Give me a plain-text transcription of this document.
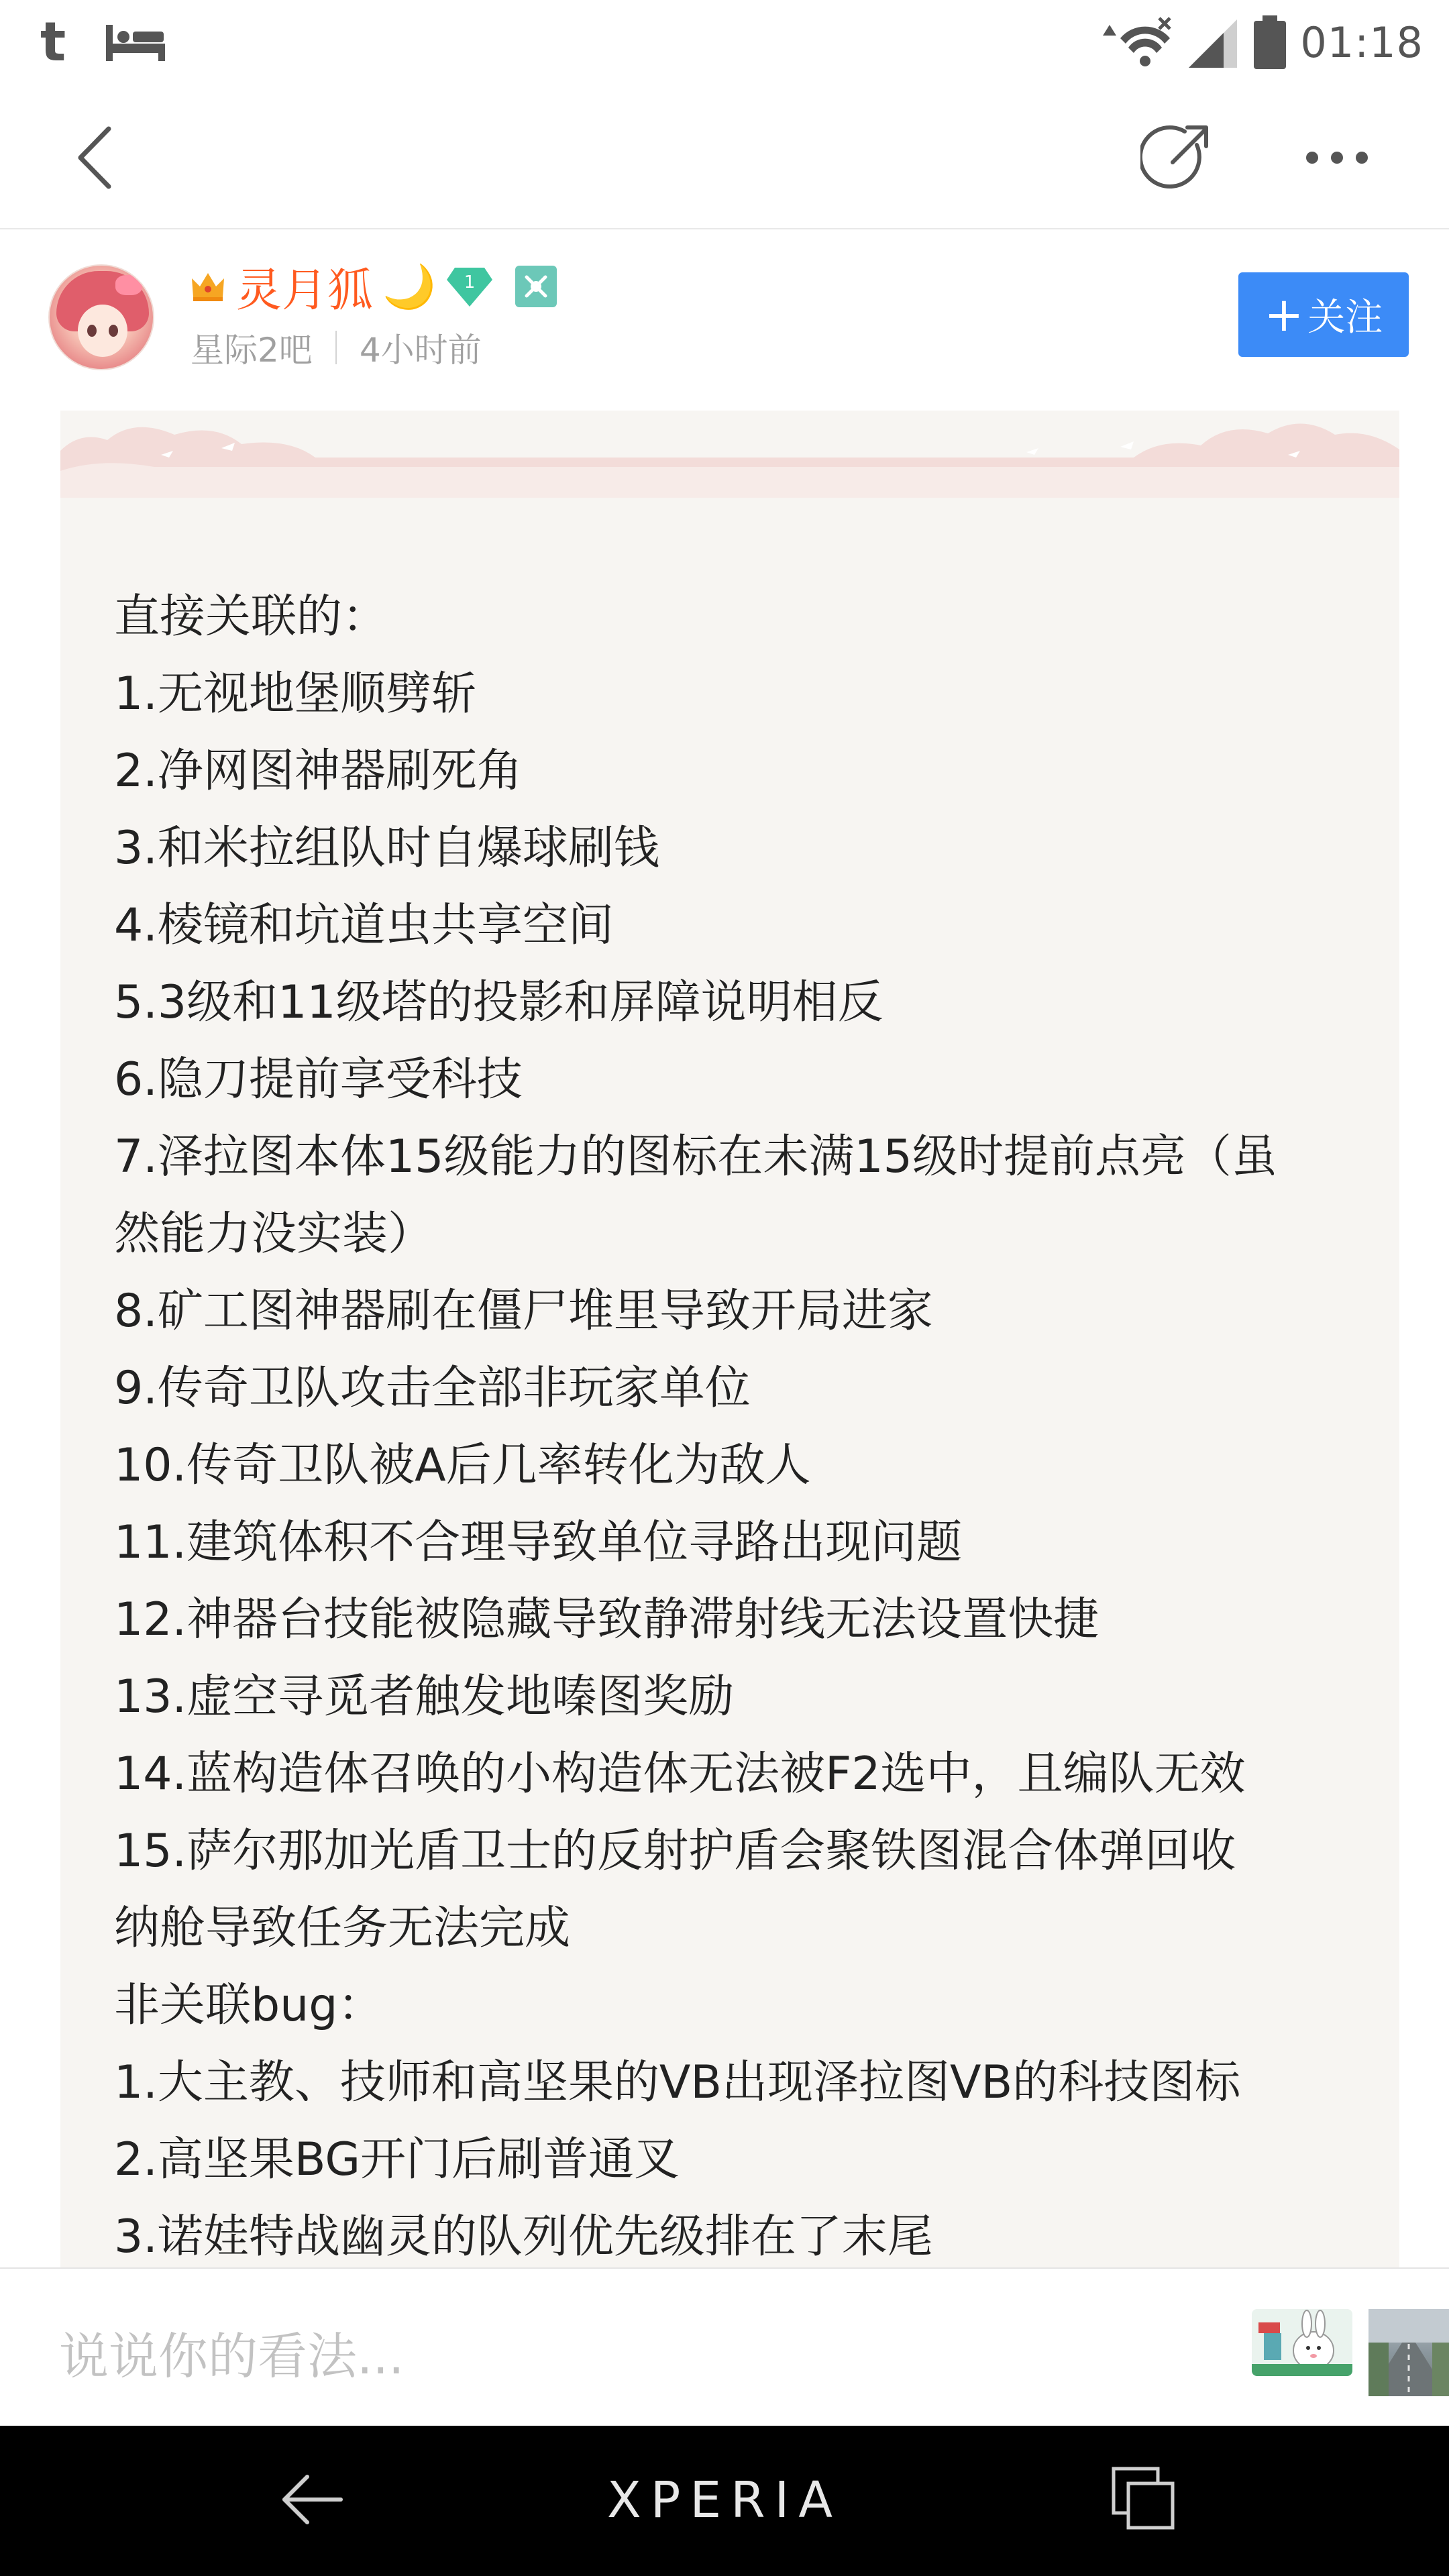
t	01:18
灵月狐 🌙 1
星际2吧 4小时前
+ 关注
直接关联的：
1.无视地堡顺劈斩
2.净网图神器刷死角
3.和米拉组队时自爆球刷钱
4.棱镜和坑道虫共享空间
5.3级和11级塔的投影和屏障说明相反
6.隐刀提前享受科技
7.泽拉图本体15级能力的图标在未满15级时提前点亮（虽
然能力没实装）
8.矿工图神器刷在僵尸堆里导致开局进家
9.传奇卫队攻击全部非玩家单位
10.传奇卫队被A后几率转化为敌人
11.建筑体积不合理导致单位寻路出现问题
12.神器台技能被隐藏导致静滞射线无法设置快捷
13.虚空寻觅者触发地嗪图奖励
14.蓝构造体召唤的小构造体无法被F2选中，且编队无效
15.萨尔那加光盾卫士的反射护盾会聚铁图混合体弹回收
纳舱导致任务无法完成
非关联bug：
1.大主教、技师和高坚果的VB出现泽拉图VB的科技图标
2.高坚果BG开门后刷普通叉
3.诺娃特战幽灵的队列优先级排在了末尾
说说你的看法...
XPERIA
